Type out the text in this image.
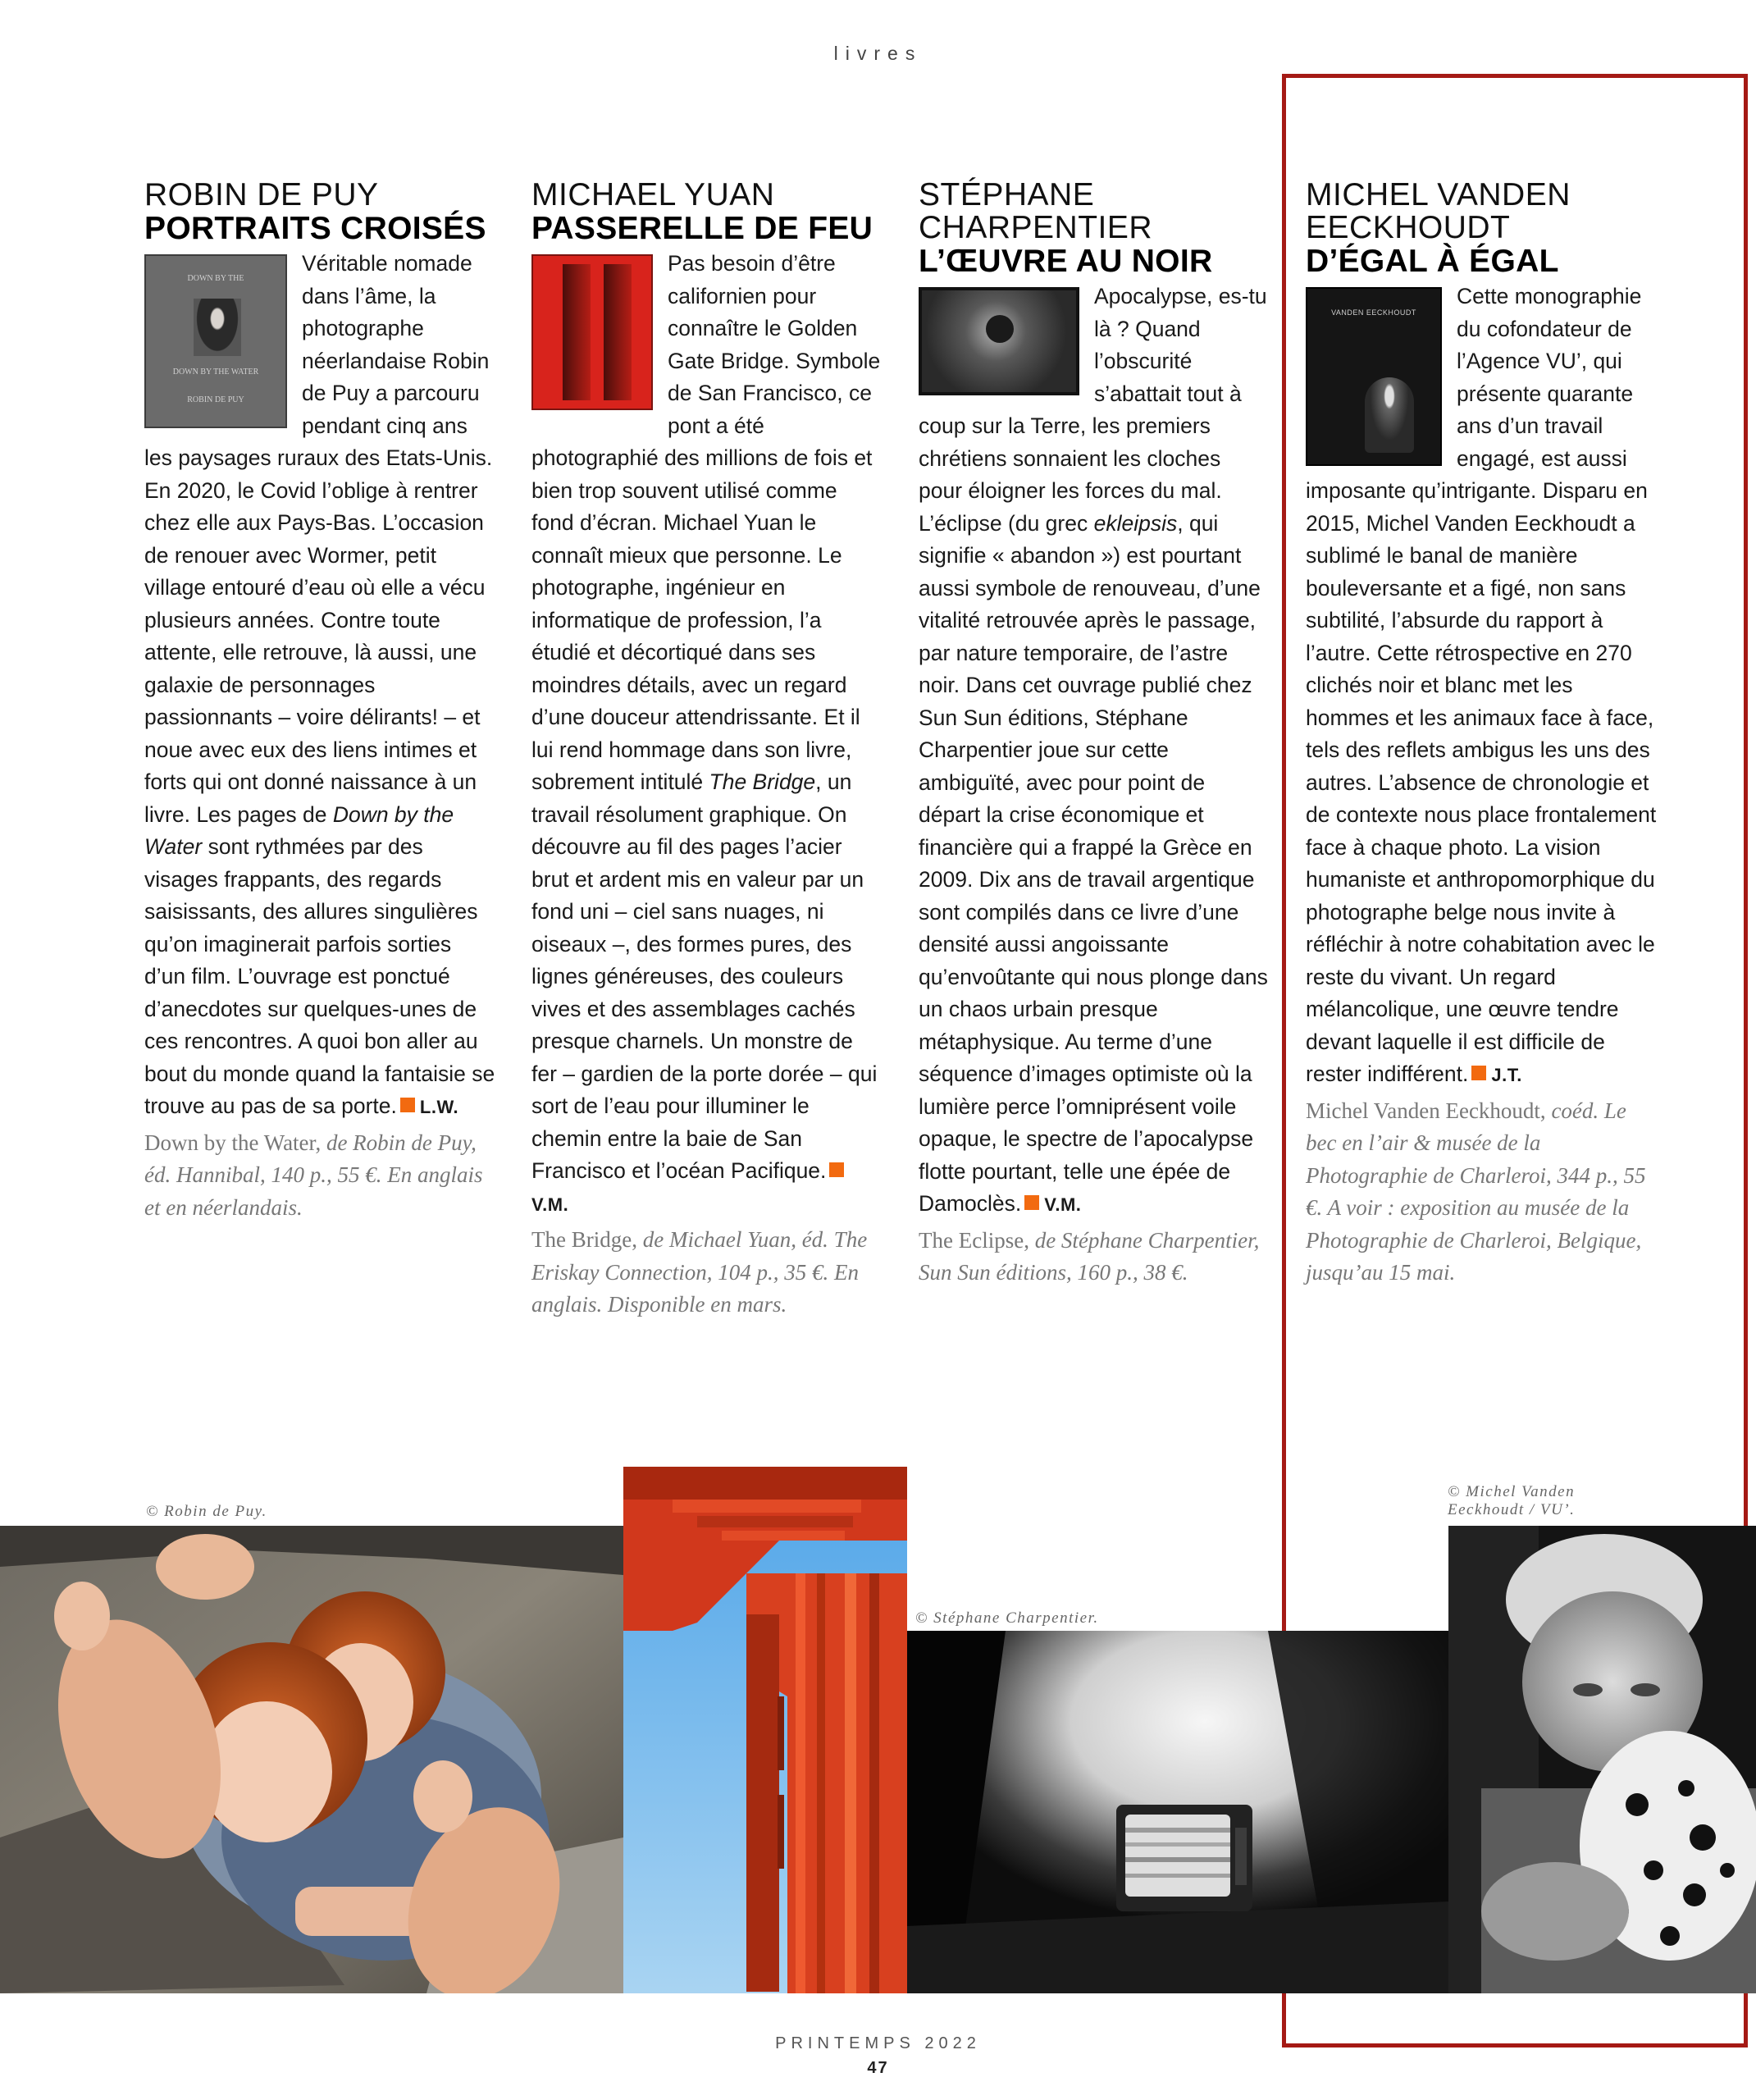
livres
ROBIN DE PUY
PORTRAITS CROISÉS
DOWN BY THE
DOWN BY THE WATER
ROBIN DE PUY

Véritable nomade dans l’âme, la photographe néerlandaise Robin de Puy a parcouru pendant cinq ans les paysages ruraux des Etats-Unis. En 2020, le Covid l’oblige à rentrer chez elle aux Pays-Bas. L’occasion de renouer avec Wormer, petit village entouré d’eau où elle a vécu plusieurs années. Contre toute attente, elle retrouve, là aussi, une galaxie de personnages passionnants – voire délirants! – et noue avec eux des liens intimes et forts qui ont donné naissance à un livre. Les pages de Down by the Water sont rythmées par des visages frappants, des regards saisissants, des allures singulières qu’on imaginerait parfois sorties d’un film. L’ouvrage est ponctué d’anecdotes sur quelques-unes de ces rencontres. A quoi bon aller au bout du monde quand la fantaisie se trouve au pas de sa porte. L.W.

Down by the Water, de Robin de Puy, éd. Hannibal, 140 p., 55 €. En anglais et en néerlandais.
MICHAEL YUAN
PASSERELLE DE FEU

Pas besoin d’être californien pour connaître le Golden Gate Bridge. Symbole de San Francisco, ce pont a été photographié des millions de fois et bien trop souvent utilisé comme fond d’écran. Michael Yuan le connaît mieux que personne. Le photographe, ingénieur en informatique de profession, l’a étudié et décortiqué dans ses moindres détails, avec un regard d’une douceur attendrissante. Et il lui rend hommage dans son livre, sobrement intitulé The Bridge, un travail résolument graphique. On découvre au fil des pages l’acier brut et ardent mis en valeur par un fond uni – ciel sans nuages, ni oiseaux –, des formes pures, des lignes généreuses, des couleurs vives et des assemblages cachés presque charnels. Un monstre de fer – gardien de la porte dorée – qui sort de l’eau pour illuminer le chemin entre la baie de San Francisco et l’océan Pacifique.V.M.

The Bridge, de Michael Yuan, éd. The Eriskay Connection, 104 p., 35 €. En anglais. Disponible en mars.
STÉPHANE CHARPENTIER
L’ŒUVRE AU NOIR

Apocalypse, es-tu là ? Quand l’obscurité s’abattait tout à coup sur la Terre, les premiers chrétiens sonnaient les cloches pour éloigner les forces du mal. L’éclipse (du grec ekleipsis, qui signifie « abandon ») est pourtant aussi symbole de renouveau, d’une vitalité retrouvée après le passage, par nature temporaire, de l’astre noir. Dans cet ouvrage publié chez Sun Sun éditions, Stéphane Charpentier joue sur cette ambiguïté, avec pour point de départ la crise économique et financière qui a frappé la Grèce en 2009. Dix ans de travail argentique sont compilés dans ce livre d’une densité aussi angoissante qu’envoûtante qui nous plonge dans un chaos urbain presque métaphysique. Au terme d’une séquence d’images optimiste où la lumière perce l’omniprésent voile opaque, le spectre de l’apocalypse flotte pourtant, telle une épée de Damoclès. V.M.

The Eclipse, de Stéphane Charpentier, Sun Sun éditions, 160 p., 38 €.
MICHEL VANDEN EECKHOUDT
D’ÉGAL À ÉGAL
VANDEN EECKHOUDT

Cette monographie du cofondateur de l’Agence VU’, qui présente quarante ans d’un travail engagé, est aussi imposante qu’intrigante. Disparu en 2015, Michel Vanden Eeckhoudt a sublimé le banal de manière bouleversante et a figé, non sans subtilité, l’absurde du rapport à l’autre. Cette rétrospective en 270 clichés noir et blanc met les hommes et les animaux face à face, tels des reflets ambigus les uns des autres. L’absence de chronologie et de contexte nous place frontalement face à chaque photo. La vision humaniste et anthropomorphique du photographe belge nous invite à réfléchir à notre cohabitation avec le reste du vivant. Un regard mélancolique, une œuvre tendre devant laquelle il est difficile de rester indifférent. J.T.

Michel Vanden Eeckhoudt, coéd. Le bec en l’air & musée de la Photographie de Charleroi, 344 p., 55 €. A voir : exposition au musée de la Photographie de Charleroi, Belgique, jusqu’au 15 mai.
© Robin de Puy.
© Stéphane Charpentier.
© Michel Vanden Eeckhoudt / VU’.
PRINTEMPS 2022
47
